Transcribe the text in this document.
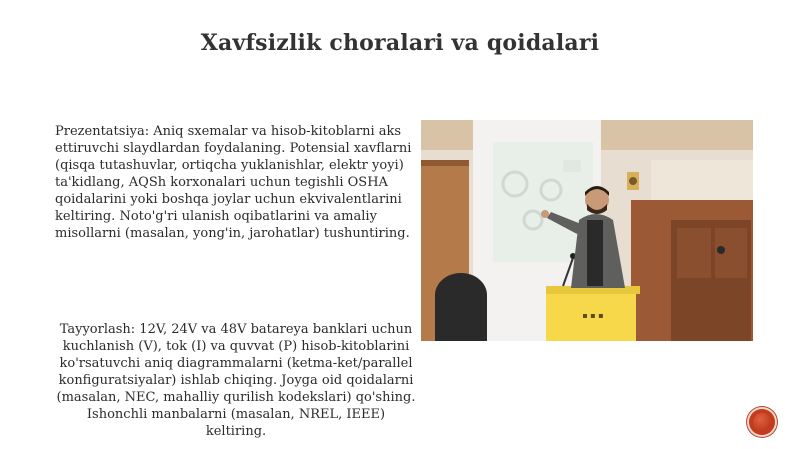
Xavfsizlik choralari va qoidalari
Prezentatsiya: Aniq sxemalar va hisob-kitoblarni aks ettiruvchi slaydlardan foydalaning. Potensial xavflarni (qisqa tutashuvlar, ortiqcha yuklanishlar, elektr yoyi) ta'kidlang, AQSh korxonalari uchun tegishli OSHA qoidalarini yoki boshqa joylar uchun ekvivalentlarini keltiring. Noto'g'ri ulanish oqibatlarini va amaliy misollarni (masalan, yong'in, jarohatlar) tushuntiring.
Tayyorlash: 12V, 24V va 48V batareya banklari uchun kuchlanish (V), tok (I) va quvvat (P) hisob-kitoblarini ko'rsatuvchi aniq diagrammalarni (ketma-ket/parallel konfiguratsiyalar) ishlab chiqing. Joyga oid qoidalarni (masalan, NEC, mahalliy qurilish kodekslari) qo'shing. Ishonchli manbalarni (masalan, NREL, IEEE) keltiring.
▪ ▪ ▪
